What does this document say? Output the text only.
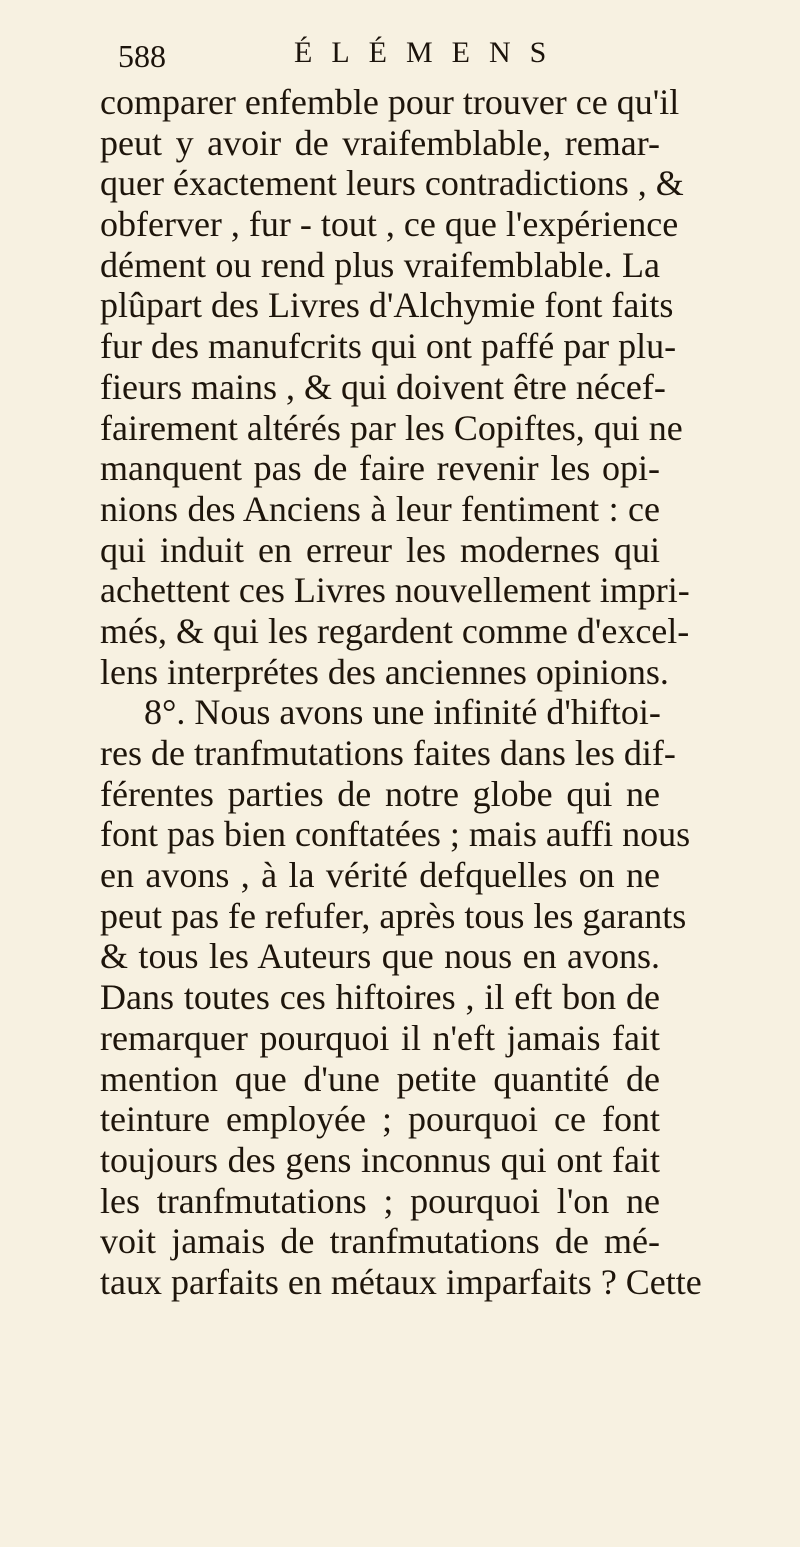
588	ÉLÉMENS
comparer enfemble pour trouver ce qu'il
peut y avoir de vraifemblable, remar-
quer éxactement leurs contradictions , &
obferver , fur - tout , ce que l'expérience
dément ou rend plus vraifemblable. La
plûpart des Livres d'Alchymie font faits
fur des manufcrits qui ont paffé par plu-
fieurs mains , & qui doivent être nécef-
fairement altérés par les Copiftes, qui ne
manquent pas de faire revenir les opi-
nions des Anciens à leur fentiment : ce
qui induit en erreur les modernes qui
achettent ces Livres nouvellement impri-
més, & qui les regardent comme d'excel-
lens interprétes des anciennes opinions.
8°. Nous avons une infinité d'hiftoi-
res de tranfmutations faites dans les dif-
férentes parties de notre globe qui ne
font pas bien conftatées ; mais auffi nous
en avons , à la vérité defquelles on ne
peut pas fe refufer, après tous les garants
& tous les Auteurs que nous en avons.
Dans toutes ces hiftoires , il eft bon de
remarquer pourquoi il n'eft jamais fait
mention que d'une petite quantité de
teinture employée ; pourquoi ce font
toujours des gens inconnus qui ont fait
les tranfmutations ; pourquoi l'on ne
voit jamais de tranfmutations de mé-
taux parfaits en métaux imparfaits ? Cette
